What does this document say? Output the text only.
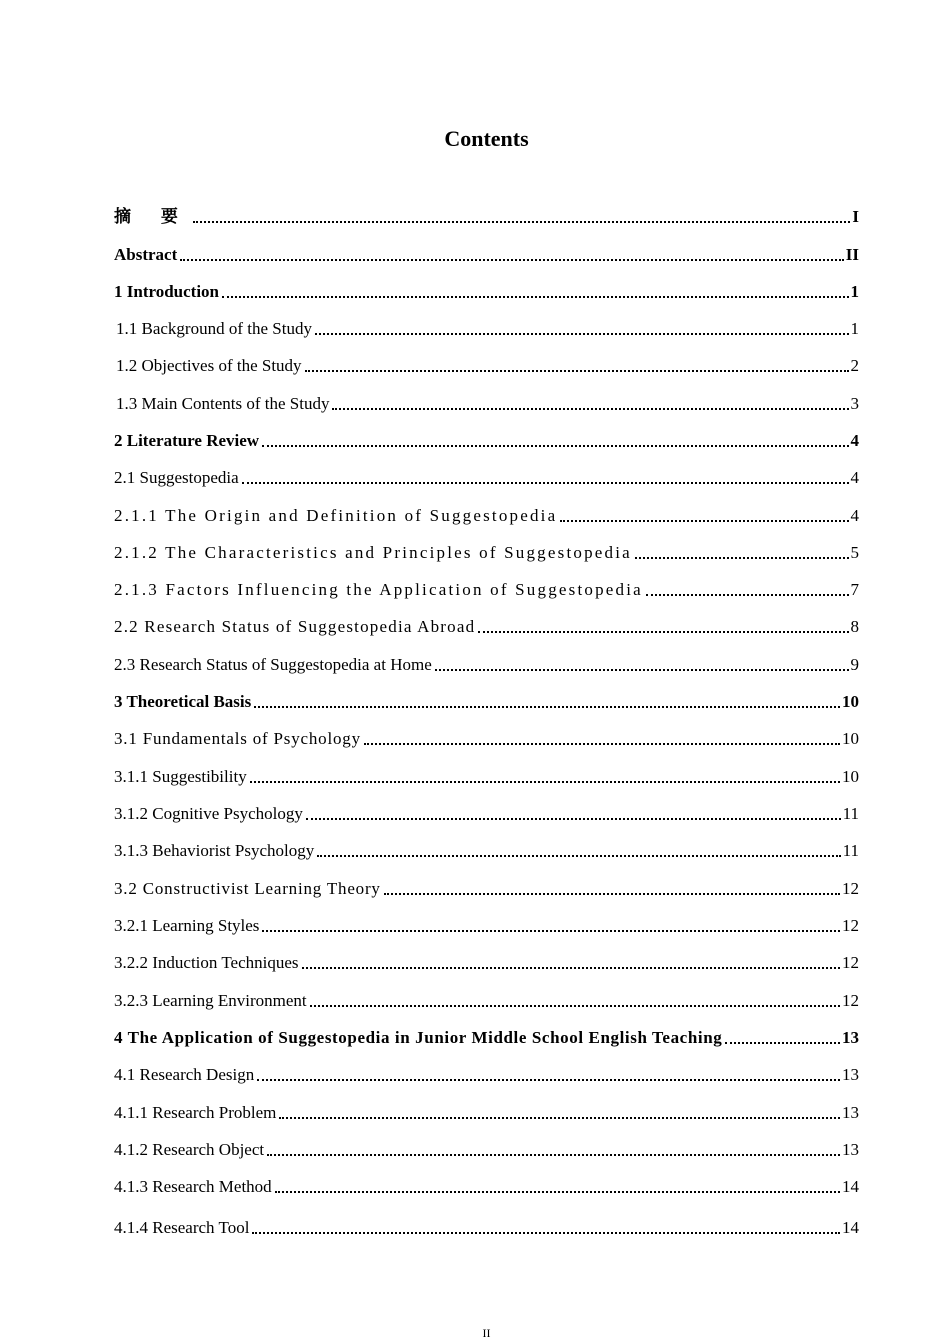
Contents
摘 要	I
Abstract	II
1 Introduction	1
1.1 Background of the Study	1
1.2 Objectives of the Study	2
1.3 Main Contents of the Study	3
2 Literature Review	4
2.1 Suggestopedia	4
2.1.1 The Origin and Definition of Suggestopedia	4
2.1.2 The Characteristics and Principles of Suggestopedia	5
2.1.3 Factors Influencing the Application of Suggestopedia	7
2.2 Research Status of Suggestopedia Abroad	8
2.3 Research Status of Suggestopedia at Home	9
3 Theoretical Basis	10
3.1 Fundamentals of Psychology	10
3.1.1 Suggestibility	10
3.1.2 Cognitive Psychology	11
3.1.3 Behaviorist Psychology	11
3.2 Constructivist Learning Theory	12
3.2.1 Learning Styles	12
3.2.2 Induction Techniques	12
3.2.3 Learning Environment	12
4 The Application of Suggestopedia in Junior Middle School English Teaching	13
4.1 Research Design	13
4.1.1 Research Problem	13
4.1.2 Research Object	13
4.1.3 Research Method	14
4.1.4 Research Tool	14
II
